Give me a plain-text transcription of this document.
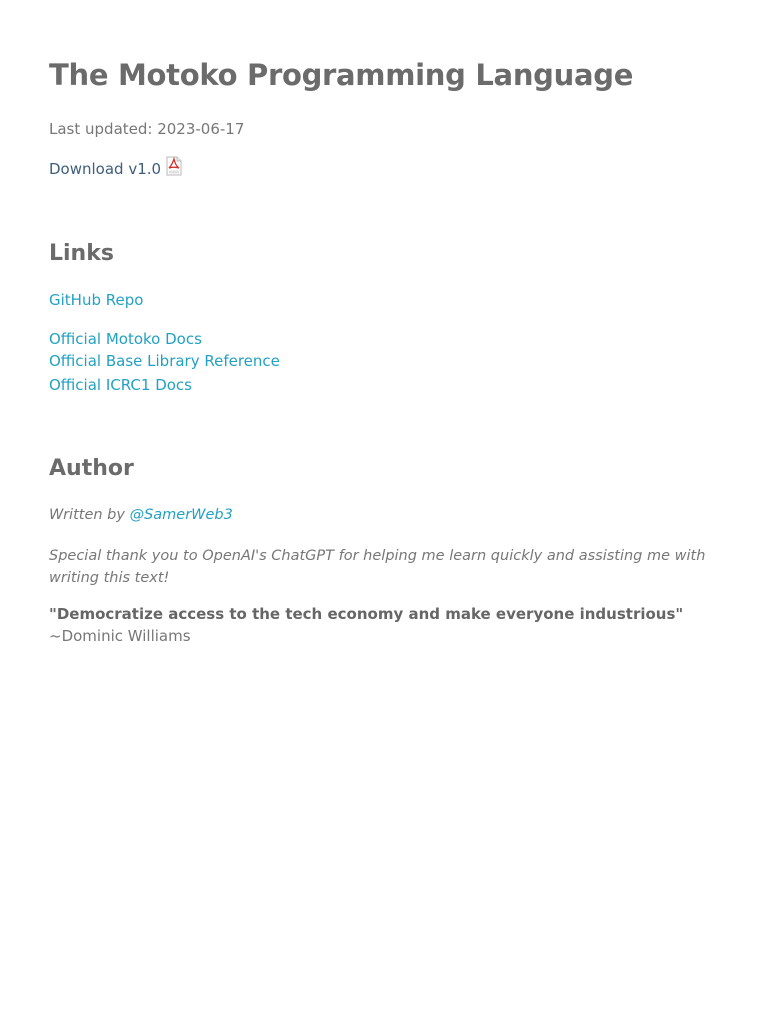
The Motoko Programming Language
Last updated: 2023-06-17
Download v1.0
Links
GitHub Repo
Official Motoko Docs
Official Base Library Reference
Official ICRC1 Docs
Author
Written by @SamerWeb3
Special thank you to OpenAI's ChatGPT for helping me learn quickly and assisting me with writing this text!
"Democratize access to the tech economy and make everyone industrious"
~Dominic Williams
